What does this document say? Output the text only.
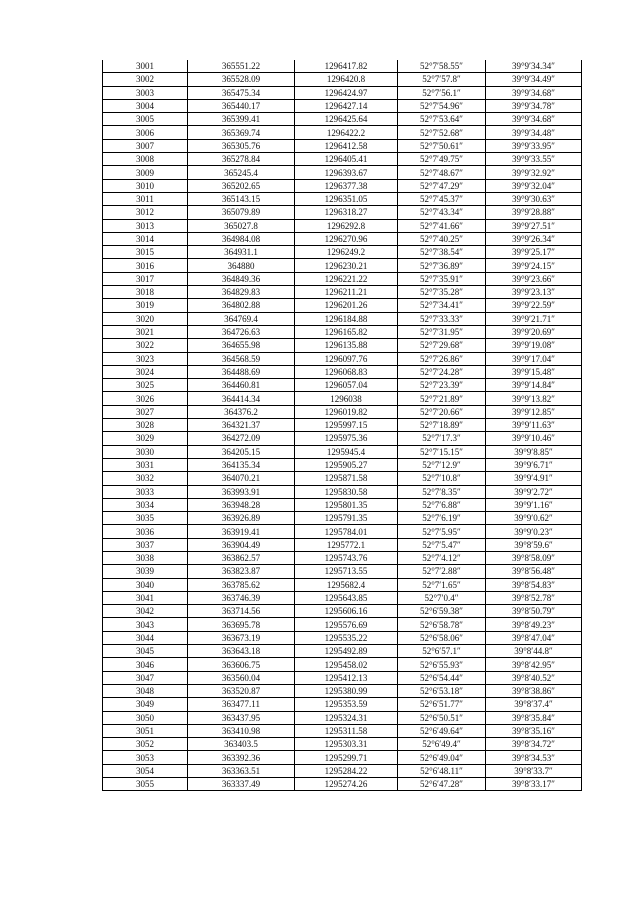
3001	365551.22	1296417.82	52°7′58.55″	39°9′34.34″
3002	365528.09	1296420.8	52°7′57.8″	39°9′34.49″
3003	365475.34	1296424.97	52°7′56.1″	39°9′34.68″
3004	365440.17	1296427.14	52°7′54.96″	39°9′34.78″
3005	365399.41	1296425.64	52°7′53.64″	39°9′34.68″
3006	365369.74	1296422.2	52°7′52.68″	39°9′34.48″
3007	365305.76	1296412.58	52°7′50.61″	39°9′33.95″
3008	365278.84	1296405.41	52°7′49.75″	39°9′33.55″
3009	365245.4	1296393.67	52°7′48.67″	39°9′32.92″
3010	365202.65	1296377.38	52°7′47.29″	39°9′32.04″
3011	365143.15	1296351.05	52°7′45.37″	39°9′30.63″
3012	365079.89	1296318.27	52°7′43.34″	39°9′28.88″
3013	365027.8	1296292.8	52°7′41.66″	39°9′27.51″
3014	364984.08	1296270.96	52°7′40.25″	39°9′26.34″
3015	364931.1	1296249.2	52°7′38.54″	39°9′25.17″
3016	364880	1296230.21	52°7′36.89″	39°9′24.15″
3017	364849.36	1296221.22	52°7′35.91″	39°9′23.66″
3018	364829.83	1296211.21	52°7′35.28″	39°9′23.13″
3019	364802.88	1296201.26	52°7′34.41″	39°9′22.59″
3020	364769.4	1296184.88	52°7′33.33″	39°9′21.71″
3021	364726.63	1296165.82	52°7′31.95″	39°9′20.69″
3022	364655.98	1296135.88	52°7′29.68″	39°9′19.08″
3023	364568.59	1296097.76	52°7′26.86″	39°9′17.04″
3024	364488.69	1296068.83	52°7′24.28″	39°9′15.48″
3025	364460.81	1296057.04	52°7′23.39″	39°9′14.84″
3026	364414.34	1296038	52°7′21.89″	39°9′13.82″
3027	364376.2	1296019.82	52°7′20.66″	39°9′12.85″
3028	364321.37	1295997.15	52°7′18.89″	39°9′11.63″
3029	364272.09	1295975.36	52°7′17.3″	39°9′10.46″
3030	364205.15	1295945.4	52°7′15.15″	39°9′8.85″
3031	364135.34	1295905.27	52°7′12.9″	39°9′6.71″
3032	364070.21	1295871.58	52°7′10.8″	39°9′4.91″
3033	363993.91	1295830.58	52°7′8.35″	39°9′2.72″
3034	363948.28	1295801.35	52°7′6.88″	39°9′1.16″
3035	363926.89	1295791.35	52°7′6.19″	39°9′0.62″
3036	363919.41	1295784.01	52°7′5.95″	39°9′0.23″
3037	363904.49	1295772.1	52°7′5.47″	39°8′59.6″
3038	363862.57	1295743.76	52°7′4.12″	39°8′58.09″
3039	363823.87	1295713.55	52°7′2.88″	39°8′56.48″
3040	363785.62	1295682.4	52°7′1.65″	39°8′54.83″
3041	363746.39	1295643.85	52°7′0.4″	39°8′52.78″
3042	363714.56	1295606.16	52°6′59.38″	39°8′50.79″
3043	363695.78	1295576.69	52°6′58.78″	39°8′49.23″
3044	363673.19	1295535.22	52°6′58.06″	39°8′47.04″
3045	363643.18	1295492.89	52°6′57.1″	39°8′44.8″
3046	363606.75	1295458.02	52°6′55.93″	39°8′42.95″
3047	363560.04	1295412.13	52°6′54.44″	39°8′40.52″
3048	363520.87	1295380.99	52°6′53.18″	39°8′38.86″
3049	363477.11	1295353.59	52°6′51.77″	39°8′37.4″
3050	363437.95	1295324.31	52°6′50.51″	39°8′35.84″
3051	363410.98	1295311.58	52°6′49.64″	39°8′35.16″
3052	363403.5	1295303.31	52°6′49.4″	39°8′34.72″
3053	363392.36	1295299.71	52°6′49.04″	39°8′34.53″
3054	363363.51	1295284.22	52°6′48.11″	39°8′33.7″
3055	363337.49	1295274.26	52°6′47.28″	39°8′33.17″
